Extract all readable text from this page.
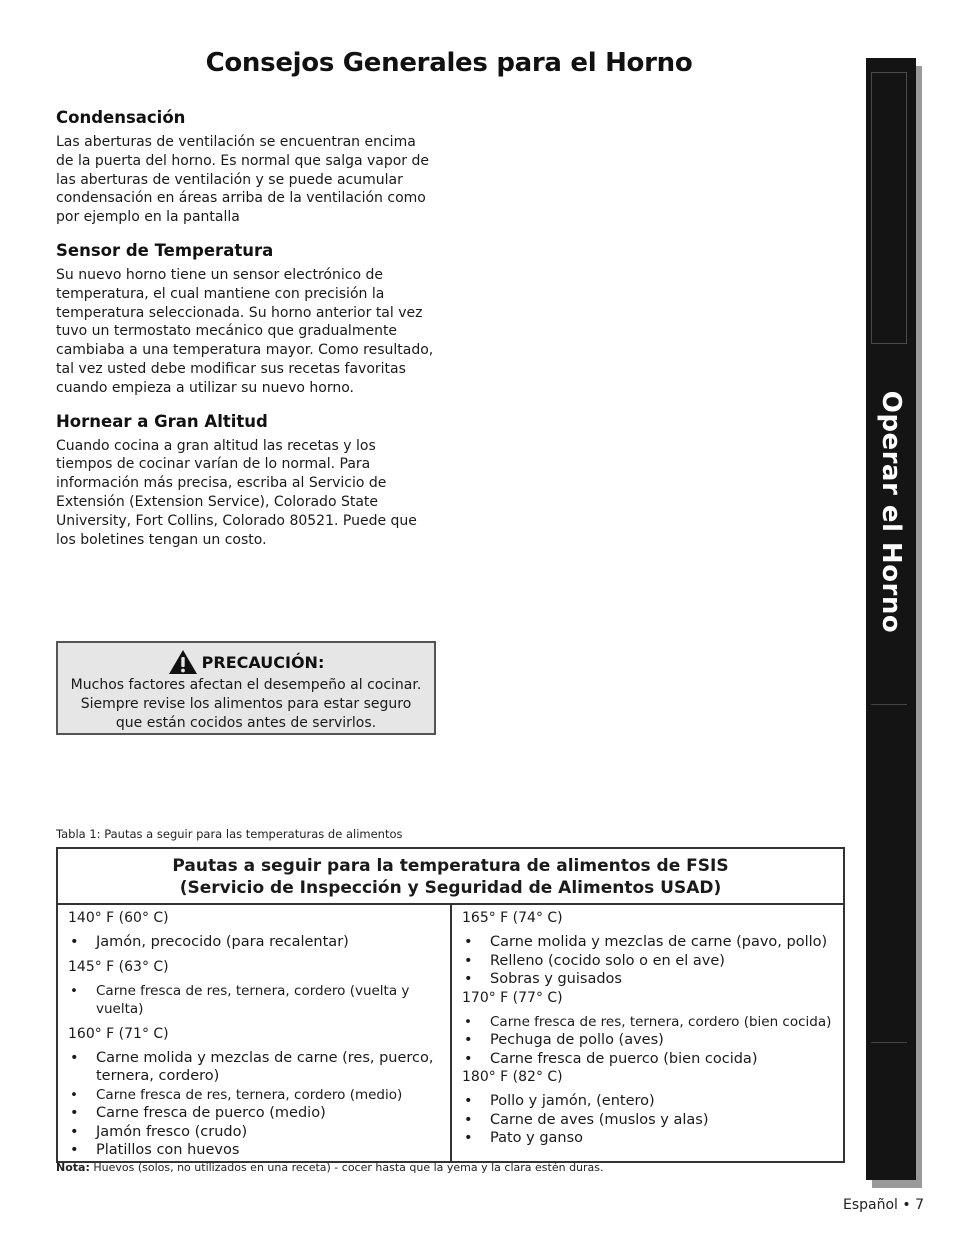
Operar el Horno
Consejos Generales para el Horno
Condensación

Las aberturas de ventilación se encuentran encima de la puerta del horno. Es normal que salga vapor de las aberturas de ventilación y se puede acumular condensación en áreas arriba de la ventilación como por ejemplo en la pantalla

Sensor de Temperatura

Su nuevo horno tiene un sensor electrónico de temperatura, el cual mantiene con precisión la temperatura seleccionada. Su horno anterior tal vez tuvo un termostato mecánico que gradualmente cambiaba a una temperatura mayor. Como resultado, tal vez usted debe modificar sus recetas favoritas cuando empieza a utilizar su nuevo horno.

Hornear a Gran Altitud

Cuando cocina a gran altitud las recetas y los tiempos de cocinar varían de lo normal. Para información más precisa, escriba al Servicio de Extensión (Extension Service), Colorado State University, Fort Collins, Colorado 80521. Puede que los boletines tengan un costo.

PRECAUCIÓN:
Muchos factores afectan el desempeño al cocinar.
Siempre revise los alimentos para estar seguro
que están cocidos antes de servirlos.
Tabla 1: Pautas a seguir para las temperaturas de alimentos
Pautas a seguir para la temperatura de alimentos de FSIS
(Servicio de Inspección y Seguridad de Alimentos USAD)
140° F (60° C)
• Jamón, precocido (para recalentar)
145° F (63° C)
• Carne fresca de res, ternera, cordero (vuelta y vuelta)
160° F (71° C)
• Carne molida y mezclas de carne (res, puerco, ternera, cordero)
• Carne fresca de res, ternera, cordero (medio)
• Carne fresca de puerco (medio)
• Jamón fresco (crudo)
• Platillos con huevos
165° F (74° C)
• Carne molida y mezclas de carne (pavo, pollo)
• Relleno (cocido solo o en el ave)
• Sobras y guisados
170° F (77° C)
• Carne fresca de res, ternera, cordero (bien cocida)
• Pechuga de pollo (aves)
• Carne fresca de puerco (bien cocida)
180° F (82° C)
• Pollo y jamón, (entero)
• Carne de aves (muslos y alas)
• Pato y ganso
Nota: Huevos (solos, no utilizados en una receta) - cocer hasta que la yema y la clara estén duras.
Español • 7
